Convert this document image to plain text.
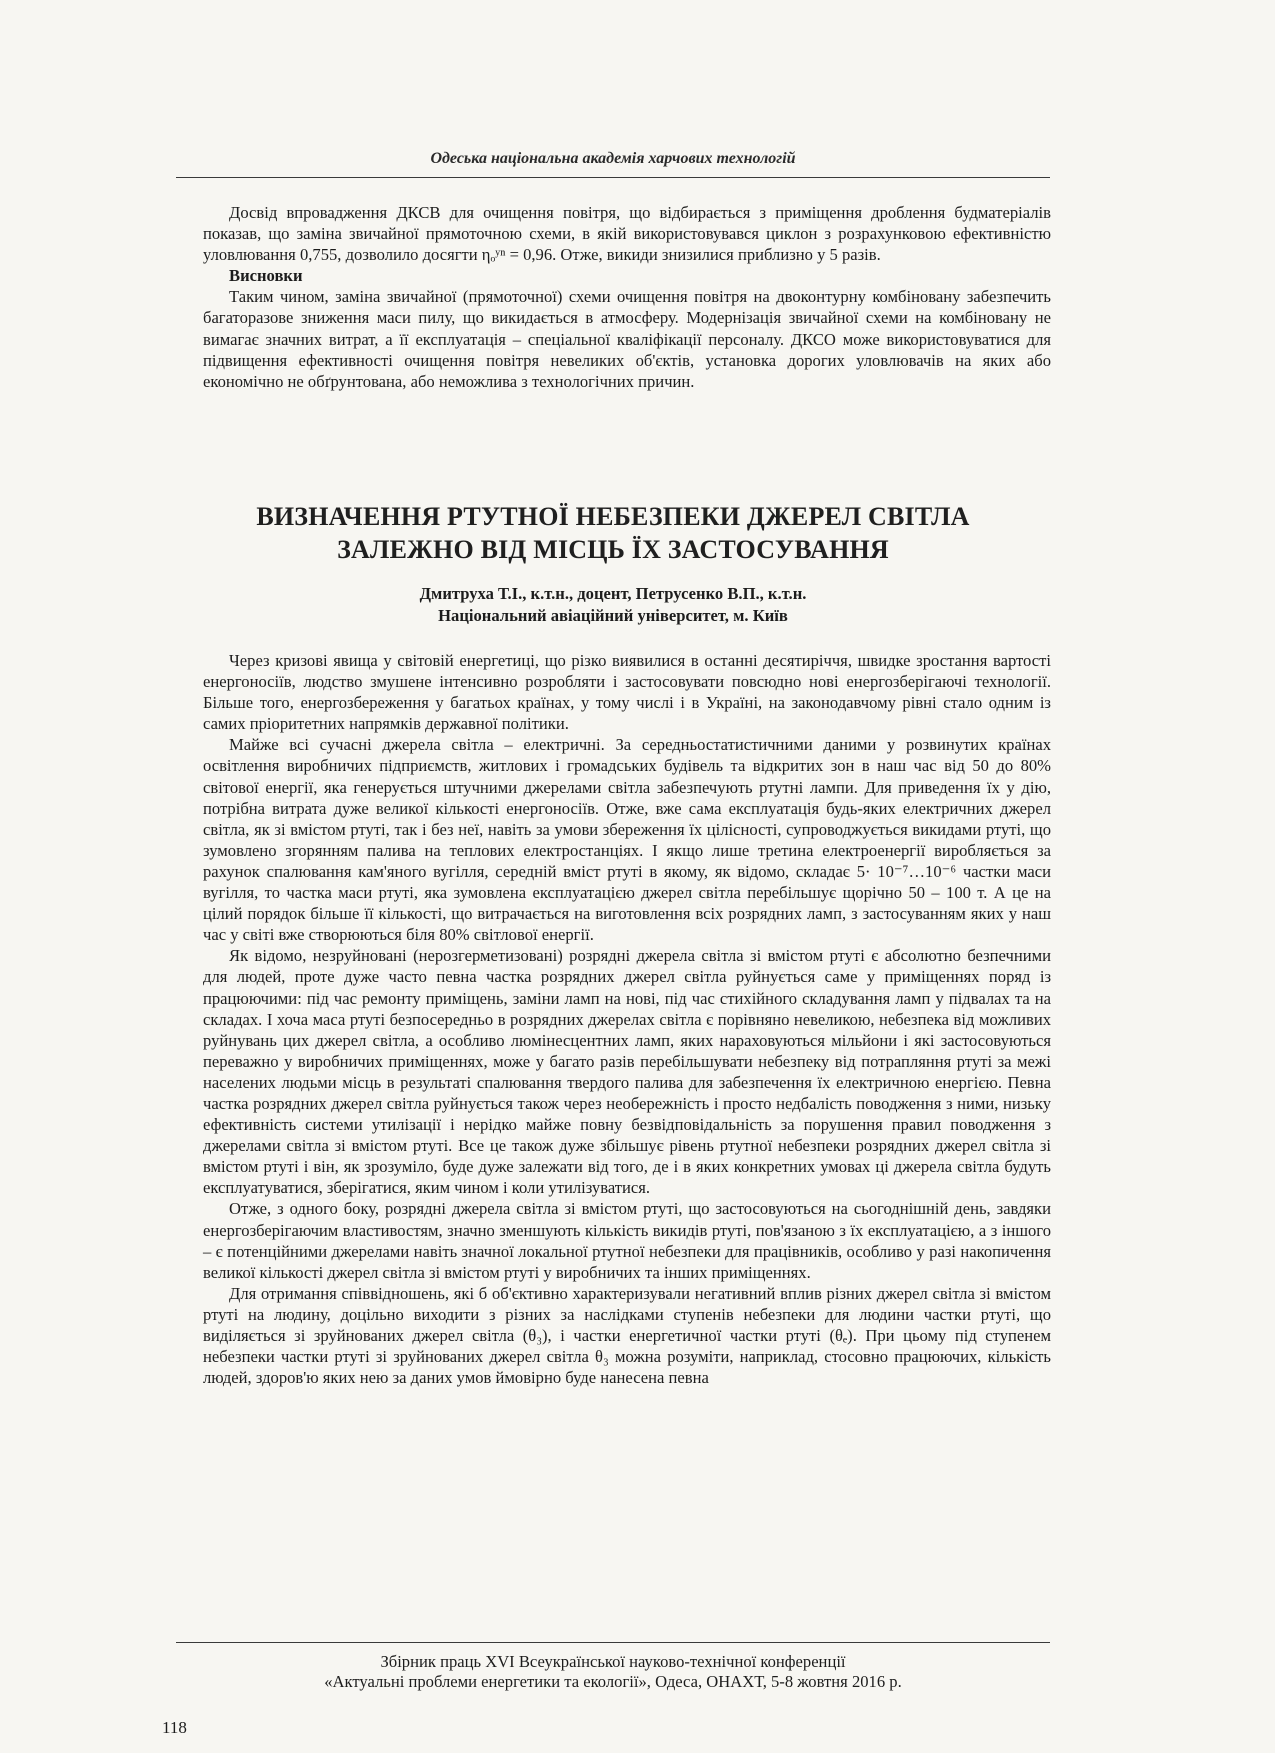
Одеська національна академія харчових технологій

Досвід впровадження ДКСВ для очищення повітря, що відбирається з приміщення дроблення будматеріалів показав, що заміна звичайної прямоточною схеми, в якій використовувався циклон з розрахунковою ефективністю уловлювання 0,755, дозволило досягти ηₒʸⁿ = 0,96. Отже, викиди знизилися приблизно у 5 разів.

Висновки

Таким чином, заміна звичайної (прямоточної) схеми очищення повітря на двоконтурну комбіновану забезпечить багаторазове зниження маси пилу, що викидається в атмосферу. Модернізація звичайної схеми на комбіновану не вимагає значних витрат, а її експлуатація – спеціальної кваліфікації персоналу. ДКСО може використовуватися для підвищення ефективності очищення повітря невеликих об'єктів, установка дорогих уловлювачів на яких або економічно не обґрунтована, або неможлива з технологічних причин.

ВИЗНАЧЕННЯ РТУТНОЇ НЕБЕЗПЕКИ ДЖЕРЕЛ СВІТЛА
ЗАЛЕЖНО ВІД МІСЦЬ ЇХ ЗАСТОСУВАННЯ
Дмитруха Т.І., к.т.н., доцент, Петрусенко В.П., к.т.н.
Національний авіаційний університет, м. Київ

Через кризові явища у світовій енергетиці, що різко виявилися в останні десятиріччя, швидке зростання вартості енергоносіїв, людство змушене інтенсивно розробляти і застосовувати повсюдно нові енергозберігаючі технології. Більше того, енергозбереження у багатьох країнах, у тому числі і в Україні, на законодавчому рівні стало одним із самих пріоритетних напрямків державної політики.

Майже всі сучасні джерела світла – електричні. За середньостатистичними даними у розвинутих країнах освітлення виробничих підприємств, житлових і громадських будівель та відкритих зон в наш час від 50 до 80% світової енергії, яка генерується штучними джерелами світла забезпечують ртутні лампи. Для приведення їх у дію, потрібна витрата дуже великої кількості енергоносіїв. Отже, вже сама експлуатація будь-яких електричних джерел світла, як зі вмістом ртуті, так і без неї, навіть за умови збереження їх цілісності, супроводжується викидами ртуті, що зумовлено згорянням палива на теплових електростанціях. І якщо лише третина електроенергії виробляється за рахунок спалювання кам'яного вугілля, середній вміст ртуті в якому, як відомо, складає 5· 10⁻⁷…10⁻⁶ частки маси вугілля, то частка маси ртуті, яка зумовлена експлуатацією джерел світла перебільшує щорічно 50 – 100 т. А це на цілий порядок більше її кількості, що витрачається на виготовлення всіх розрядних ламп, з застосуванням яких у наш час у світі вже створюються біля 80% світлової енергії.

Як відомо, незруйновані (нерозгерметизовані) розрядні джерела світла зі вмістом ртуті є абсолютно безпечними для людей, проте дуже часто певна частка розрядних джерел світла руйнується саме у приміщеннях поряд із працюючими: під час ремонту приміщень, заміни ламп на нові, під час стихійного складування ламп у підвалах та на складах. І хоча маса ртуті безпосередньо в розрядних джерелах світла є порівняно невеликою, небезпека від можливих руйнувань цих джерел світла, а особливо люмінесцентних ламп, яких нараховуються мільйони і які застосовуються переважно у виробничих приміщеннях, може у багато разів перебільшувати небезпеку від потрапляння ртуті за межі населених людьми місць в результаті спалювання твердого палива для забезпечення їх електричною енергією. Певна частка розрядних джерел світла руйнується також через необережність і просто недбалість поводження з ними, низьку ефективність системи утилізації і нерідко майже повну безвідповідальність за порушення правил поводження з джерелами світла зі вмістом ртуті. Все це також дуже збільшує рівень ртутної небезпеки розрядних джерел світла зі вмістом ртуті і він, як зрозуміло, буде дуже залежати від того, де і в яких конкретних умовах ці джерела світла будуть експлуатуватися, зберігатися, яким чином і коли утилізуватися.

Отже, з одного боку, розрядні джерела світла зі вмістом ртуті, що застосовуються на сьогоднішній день, завдяки енергозберігаючим властивостям, значно зменшують кількість викидів ртуті, пов'язаною з їх експлуатацією, а з іншого – є потенційними джерелами навіть значної локальної ртутної небезпеки для працівників, особливо у разі накопичення великої кількості джерел світла зі вмістом ртуті у виробничих та інших приміщеннях.

Для отримання співвідношень, які б об'єктивно характеризували негативний вплив різних джерел світла зі вмістом ртуті на людину, доцільно виходити з різних за наслідками ступенів небезпеки для людини частки ртуті, що виділяється зі зруйнованих джерел світла (θ₃), і частки енергетичної частки ртуті (θₑ). При цьому під ступенем небезпеки частки ртуті зі зруйнованих джерел світла θ₃ можна розуміти, наприклад, стосовно працюючих, кількість людей, здоров'ю яких нею за даних умов ймовірно буде нанесена певна

Збірник праць XVI Всеукраїнської науково-технічної конференції
«Актуальні проблеми енергетики та екології», Одеса, ОНАХТ, 5-8 жовтня 2016 р.
118
